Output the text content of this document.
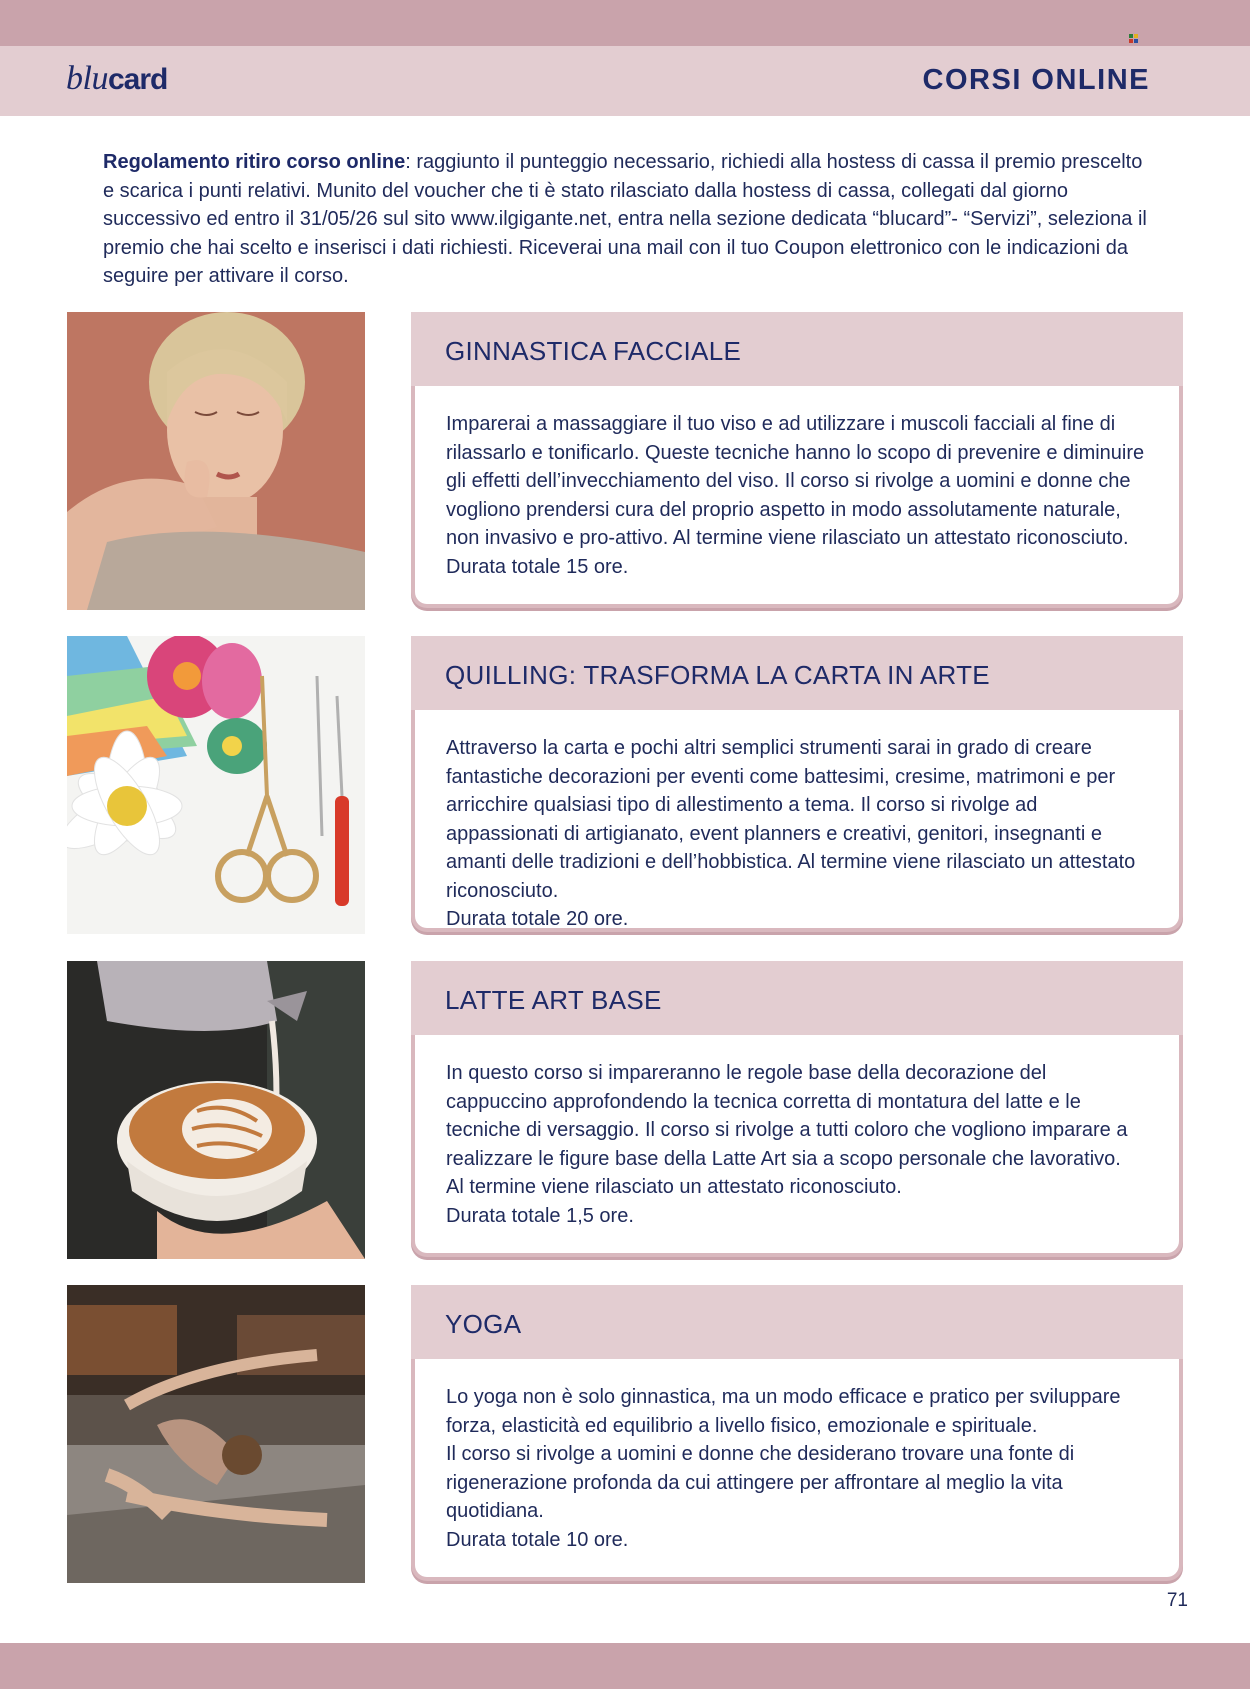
blucard	CORSI ONLINE
Regolamento ritiro corso online: raggiunto il punteggio necessario, richiedi alla hostess di cassa il premio prescelto e scarica i punti relativi. Munito del voucher che ti è stato rilasciato dalla hostess di cassa, collegati dal giorno successivo ed entro il 31/05/26 sul sito www.ilgigante.net, entra nella sezione dedicata “blucard”- “Servizi”, seleziona il premio che hai scelto e inserisci i dati richiesti. Riceverai una mail con il tuo Coupon elettronico con le indicazioni da seguire per attivare il corso.
GINNASTICA FACCIALE

Imparerai a massaggiare il tuo viso e ad utilizzare i muscoli facciali al fine di rilassarlo e tonificarlo. Queste tecniche hanno lo scopo di prevenire e diminuire gli effetti dell’invecchiamento del viso. Il corso si rivolge a uomini e donne che vogliono prendersi cura del proprio aspetto in modo assolutamente naturale, non invasivo e pro-attivo. Al termine viene rilasciato un attestato riconosciuto.

Durata totale 15 ore.

QUILLING: TRASFORMA LA CARTA IN ARTE

Attraverso la carta e pochi altri semplici strumenti sarai in grado di creare fantastiche decorazioni per eventi come battesimi, cresime, matrimoni e per arricchire qualsiasi tipo di allestimento a tema. Il corso si rivolge ad appassionati di artigianato, event planners e creativi, genitori, insegnanti e amanti delle tradizioni e dell’hobbistica. Al termine viene rilasciato un attestato riconosciuto.

Durata totale 20 ore.

LATTE ART BASE

In questo corso si impareranno le regole base della decorazione del cappuccino approfondendo la tecnica corretta di montatura del latte e le tecniche di versaggio. Il corso si rivolge a tutti coloro che vogliono imparare a realizzare le figure base della Latte Art sia a scopo personale che lavorativo.

Al termine viene rilasciato un attestato riconosciuto.

Durata totale 1,5 ore.

YOGA

Lo yoga non è solo ginnastica, ma un modo efficace e pratico per sviluppare forza, elasticità ed equilibrio a livello fisico, emozionale e spirituale.

Il corso si rivolge a uomini e donne che desiderano trovare una fonte di rigenerazione profonda da cui attingere per affrontare al meglio la vita quotidiana.

Durata totale 10 ore.

71
